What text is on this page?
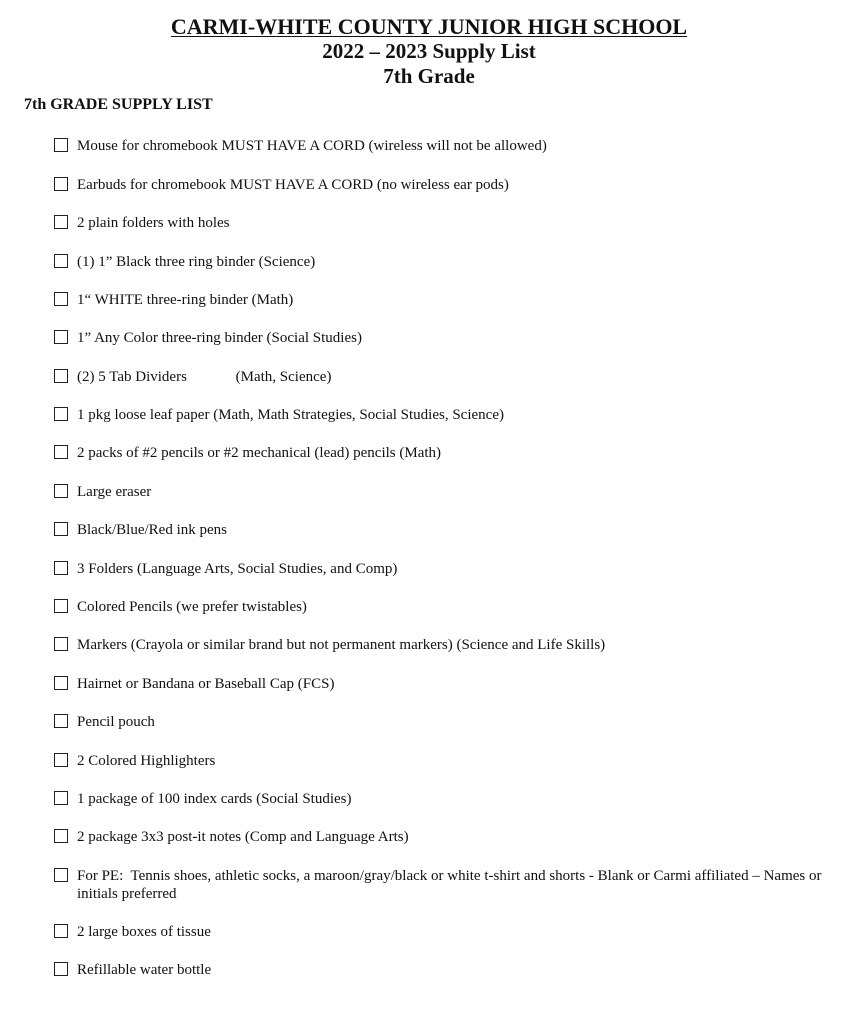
CARMI-WHITE COUNTY JUNIOR HIGH SCHOOL
2022 – 2023 Supply List
7th Grade
7th GRADE SUPPLY LIST
Mouse for chromebook MUST HAVE A CORD (wireless will not be allowed)
Earbuds for chromebook MUST HAVE A CORD (no wireless ear pods)
2 plain folders with holes
(1) 1” Black three ring binder (Science)
1“ WHITE three-ring binder (Math)
1” Any Color three-ring binder (Social Studies)
(2) 5 Tab Dividers             (Math, Science)
1 pkg loose leaf paper (Math, Math Strategies, Social Studies, Science)
2 packs of #2 pencils or #2 mechanical (lead) pencils (Math)
Large eraser
Black/Blue/Red ink pens
3 Folders (Language Arts, Social Studies, and Comp)
Colored Pencils (we prefer twistables)
Markers (Crayola or similar brand but not permanent markers) (Science and Life Skills)
Hairnet or Bandana or Baseball Cap (FCS)
Pencil pouch
2 Colored Highlighters
1 package of 100 index cards (Social Studies)
2 package 3x3 post-it notes (Comp and Language Arts)
For PE:  Tennis shoes, athletic socks, a maroon/gray/black or white t-shirt and shorts - Blank or Carmi affiliated – Names or initials preferred
2 large boxes of tissue
Refillable water bottle
